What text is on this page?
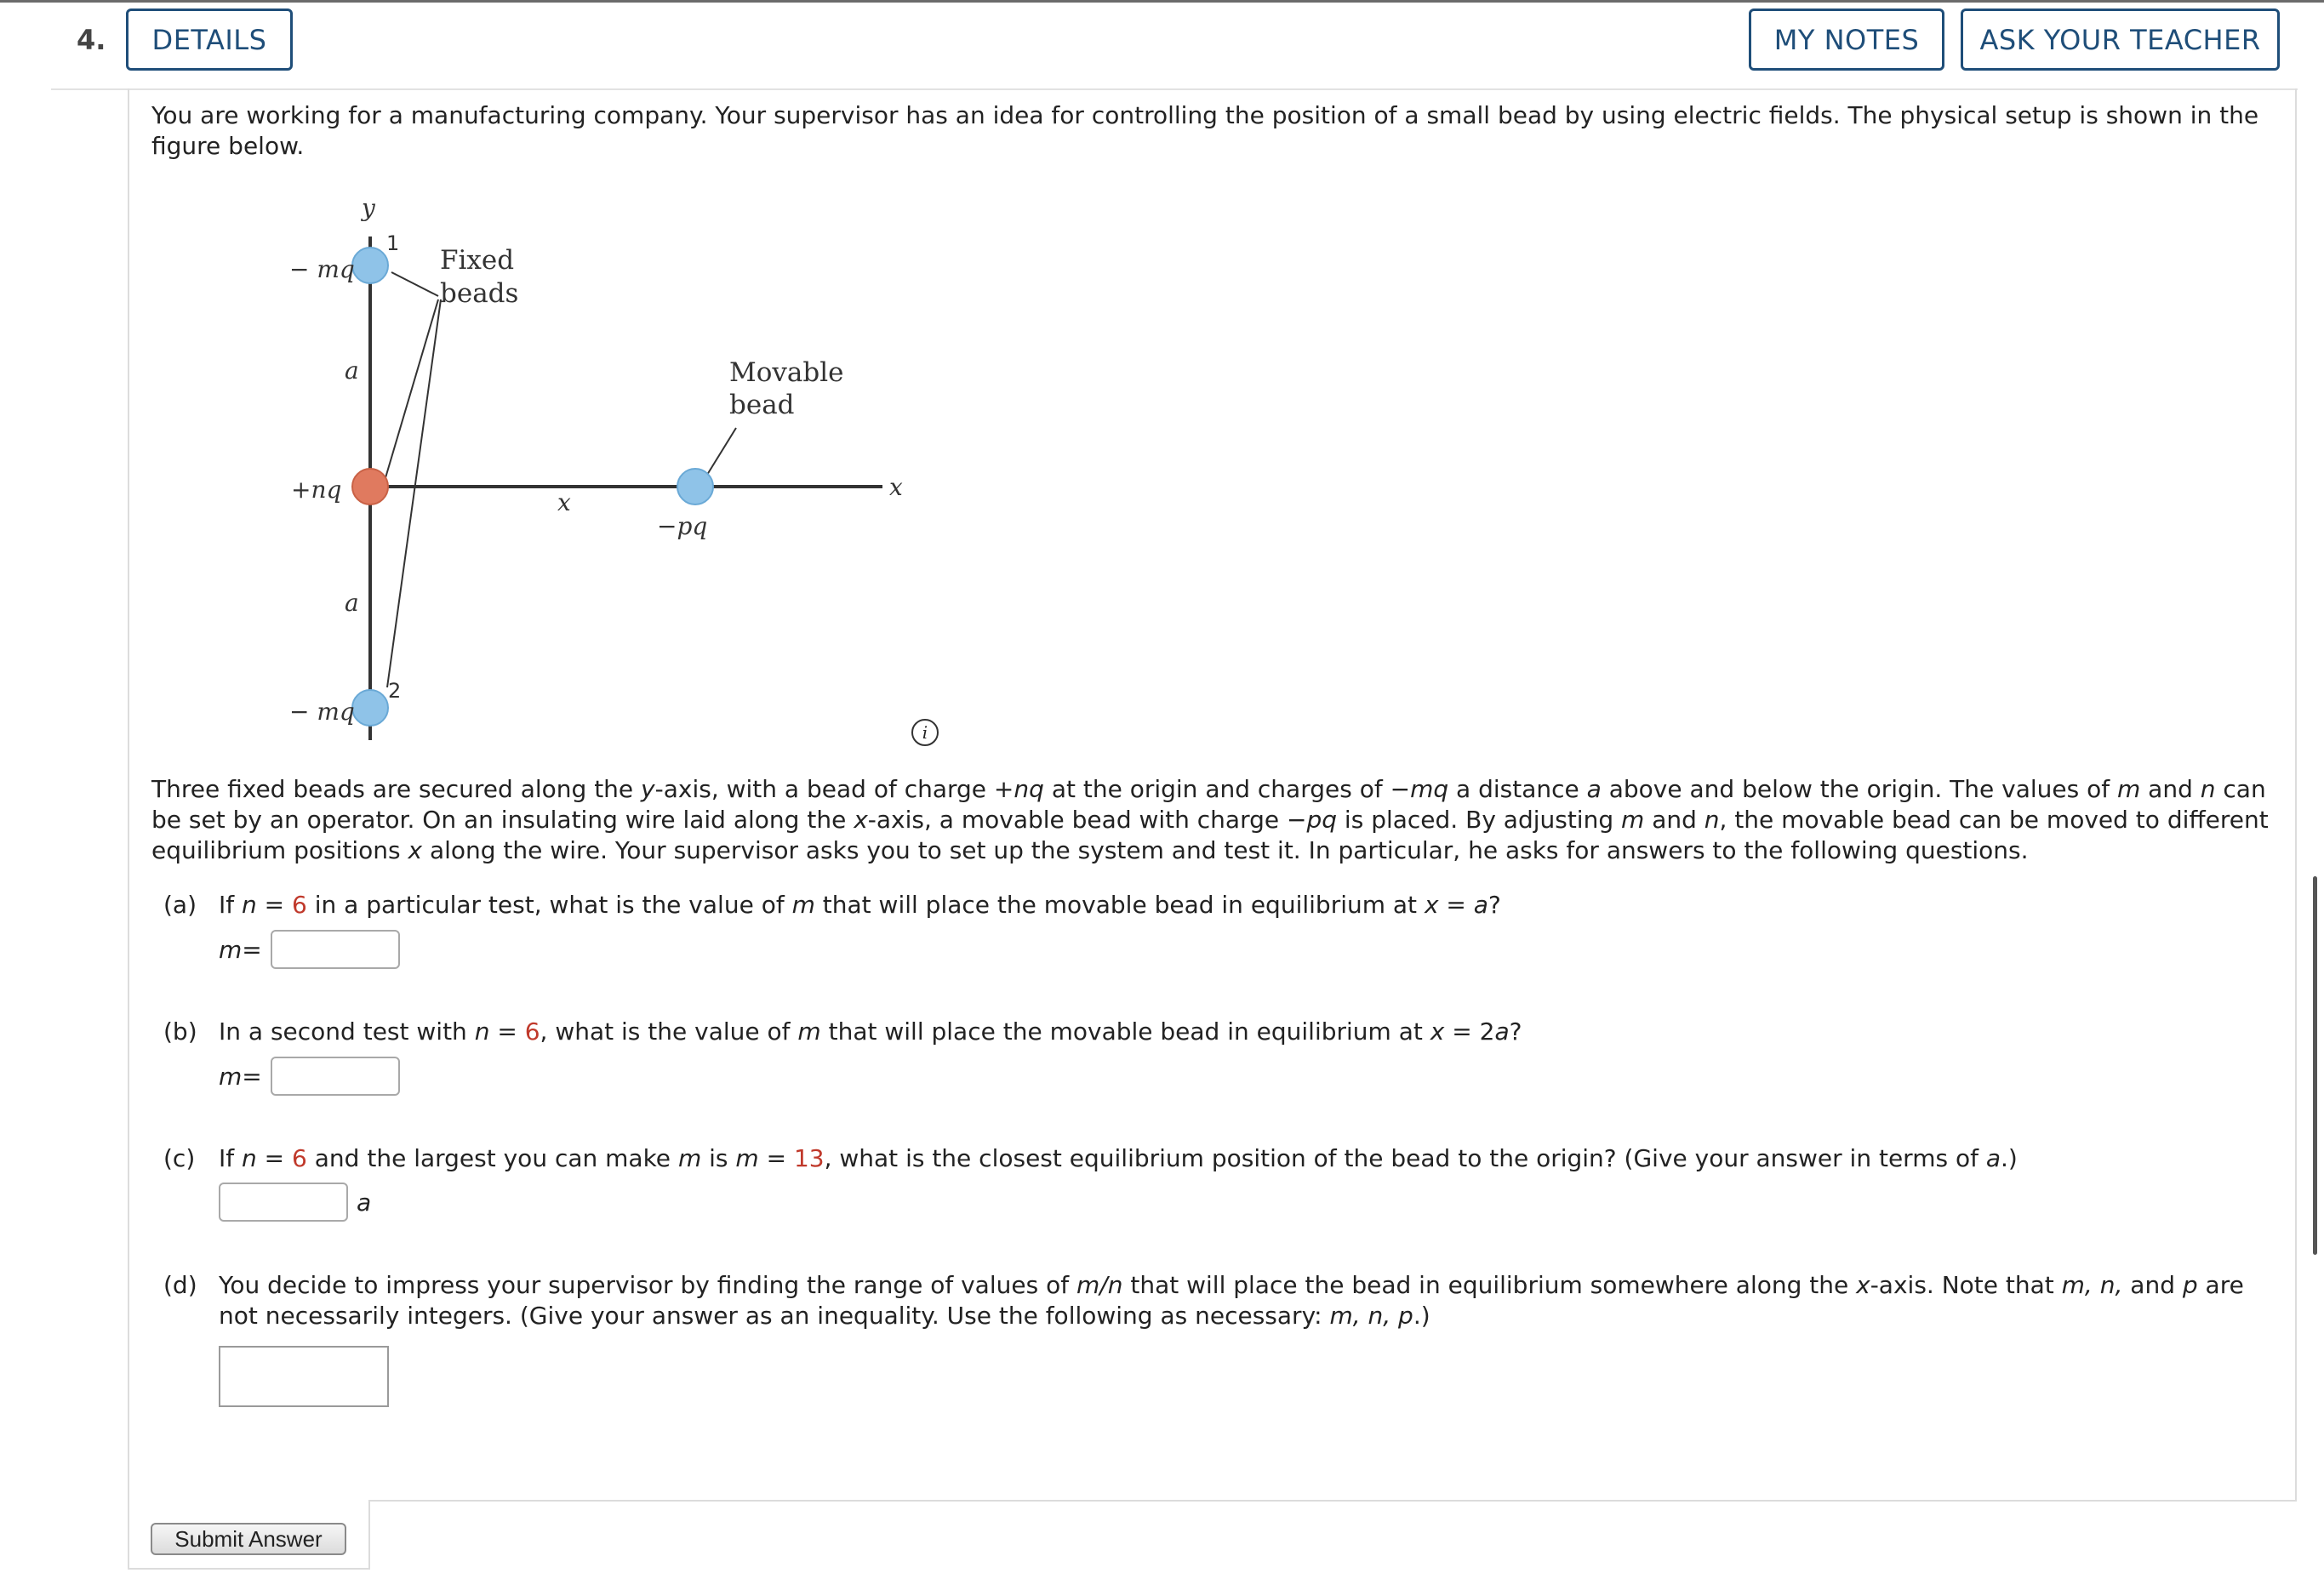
4.	DETAILS	MY NOTES	ASK YOUR TEACHER
You are working for a manufacturing company. Your supervisor has an idea for controlling the position of a small bead by using electric fields. The physical setup is shown in the figure below.
y
1
2
− mq
+nq
− mq
a
a
x
x
−pq
Fixed
beads
Movable
bead
i
Three fixed beads are secured along the y-axis, with a bead of charge +nq at the origin and charges of −mq a distance a above and below the origin. The values of m and n can be set by an operator. On an insulating wire laid along the x-axis, a movable bead with charge −pq is placed. By adjusting m and n, the movable bead can be moved to different equilibrium positions x along the wire. Your supervisor asks you to set up the system and test it. In particular, he asks for answers to the following questions.
(a) If n = 6 in a particular test, what is the value of m that will place the movable bead in equilibrium at x = a?
m =
(b) In a second test with n = 6, what is the value of m that will place the movable bead in equilibrium at x = 2a?
m =
(c) If n = 6 and the largest you can make m is m = 13, what is the closest equilibrium position of the bead to the origin? (Give your answer in terms of a.)
a
(d) You decide to impress your supervisor by finding the range of values of m/n that will place the bead in equilibrium somewhere along the x-axis. Note that m, n, and p are not necessarily integers. (Give your answer as an inequality. Use the following as necessary: m, n, p.)
Submit Answer
